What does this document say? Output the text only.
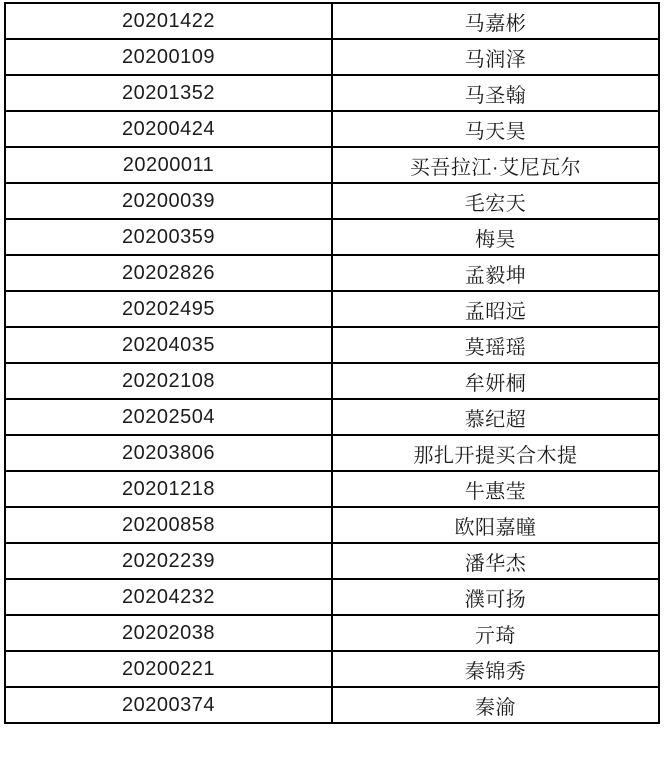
20201422	马嘉彬
20200109	马润泽
20201352	马圣翰
20200424	马天昊
20200011	买吾拉江·艾尼瓦尔
20200039	毛宏天
20200359	梅昊
20202826	孟毅坤
20202495	孟昭远
20204035	莫瑶瑶
20202108	牟妍桐
20202504	慕纪超
20203806	那扎开提买合木提
20201218	牛惠莹
20200858	欧阳嘉瞳
20202239	潘华杰
20204232	濮可扬
20202038	亓琦
20200221	秦锦秀
20200374	秦渝
